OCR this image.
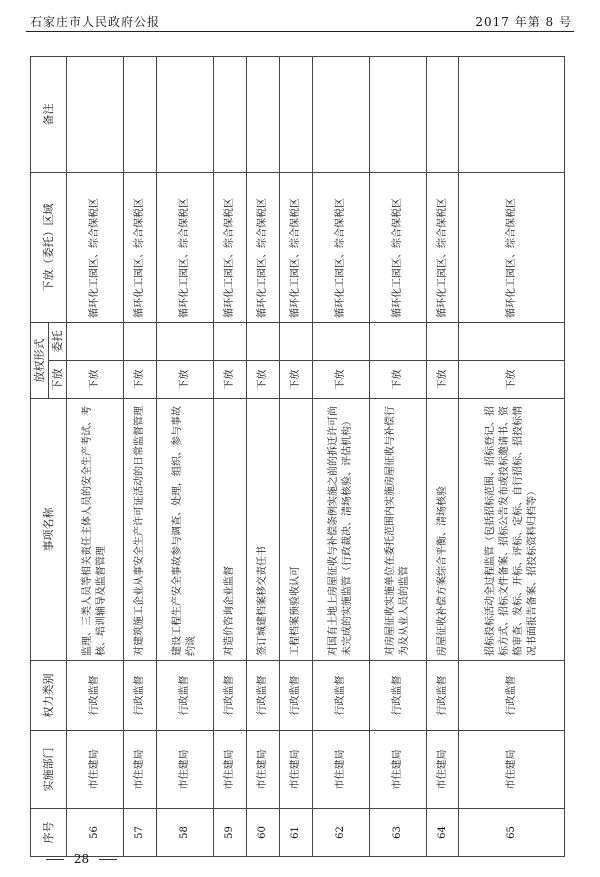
石家庄市人民政府公报	2017 年第 8 号
序号	实施部门	权力类别	事项名称	放权形式		下放（委托）区域	备注
				下放	委托		
56	市住建局	行政监督	监理、三类人员等相关责任主体人员的安全生产考试、考核、培训辅导及监督管理	下放		循环化工园区、综合保税区	
57	市住建局	行政监督	对建筑施工企业从事安全生产许可证活动的日常监督管理	下放		循环化工园区、综合保税区	
58	市住建局	行政监督	建设工程生产安全事故参与调查、处理，组织、参与事故约谈	下放		循环化工园区、综合保税区	
59	市住建局	行政监督	对造价咨询企业监督	下放		循环化工园区、综合保税区	
60	市住建局	行政监督	签订城建档案移交责任书	下放		循环化工园区、综合保税区	
61	市住建局	行政监督	工程档案预验收认可	下放		循环化工园区、综合保税区	
62	市住建局	行政监督	对国有土地上房屋征收与补偿条例实施之前的拆迁许可尚未完成的实施监管（行政裁决、清场核验、评估机构）	下放		循环化工园区、综合保税区	
63	市住建局	行政监督	对房屋征收实施单位在委托范围内实施房屋征收与补偿行为及从业人员的监管	下放		循环化工园区、综合保税区	
64	市住建局	行政监督	房屋征收补偿方案综合平衡、清场核验	下放		循环化工园区、综合保税区	
65	市住建局	行政监督	招标投标活动全过程监管（包括招标范围、招标登记、招标方式、招标文件备案、招标公告发布或投标邀请书、资格审查、发标、开标、评标、定标、自行招标、招投标情况书面报告备案、招投标资料归档等）	下放		循环化工园区、综合保税区	
28
